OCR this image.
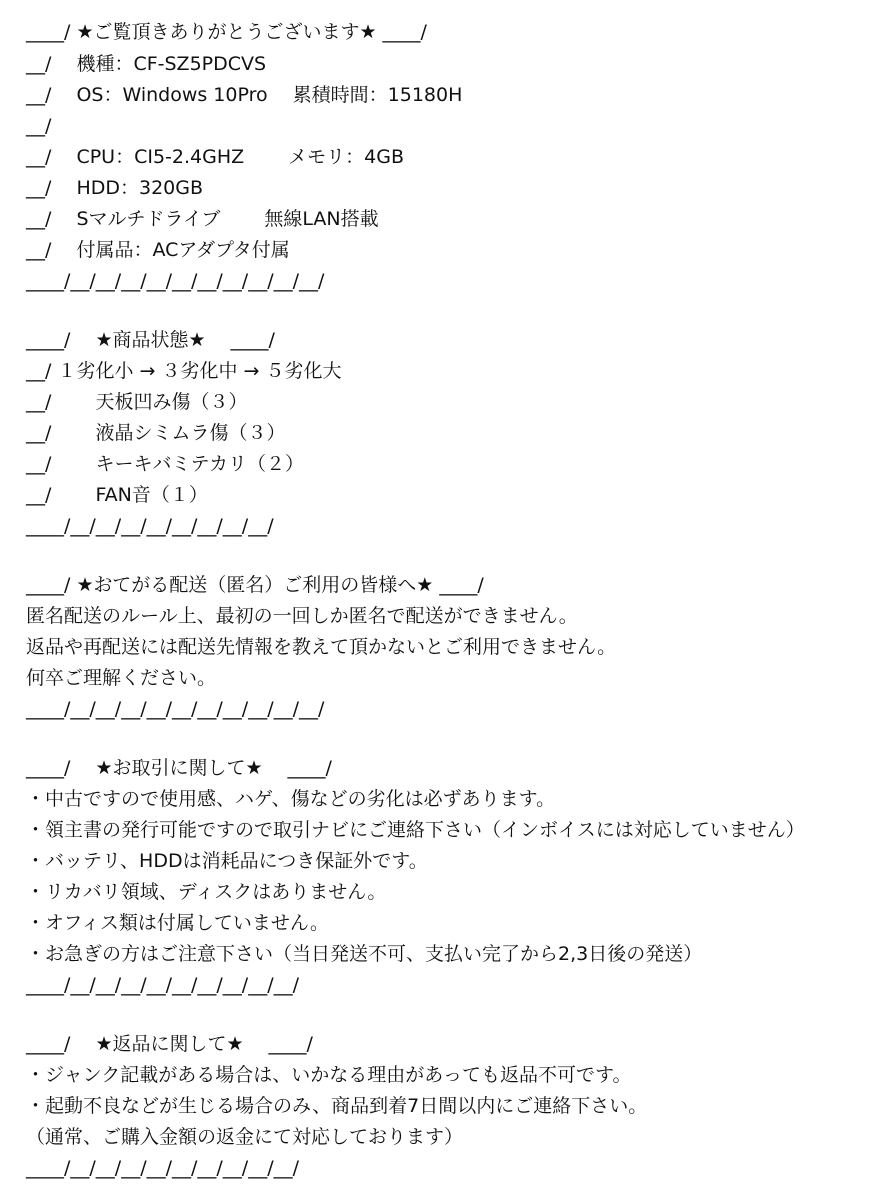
____/ ★ご覧頂きありがとうございます★ ____/
__/　 機種：CF-SZ5PDCVS
__/　 OS：Windows 10Pro　 累積時間：15180H
__/
__/　 CPU：CI5-2.4GHZ　　 メモリ：4GB
__/　 HDD：320GB
__/　 Sマルチドライブ　　 無線LAN搭載
__/　 付属品：ACアダプタ付属
____/__/__/__/__/__/__/__/__/__/__/
____/　 ★商品状態★　 ____/
__/ １劣化小 → ３劣化中 → ５劣化大
__/　　 天板凹み傷（３）
__/　　 液晶シミムラ傷（３）
__/　　 キーキバミテカリ（２）
__/　　 FAN音（１）
____/__/__/__/__/__/__/__/__/
____/ ★おてがる配送（匿名）ご利用の皆様へ★ ____/
匿名配送のルール上、最初の一回しか匿名で配送ができません。
返品や再配送には配送先情報を教えて頂かないとご利用できません。
何卒ご理解ください。
____/__/__/__/__/__/__/__/__/__/__/
____/　 ★お取引に関して★　 ____/
・中古ですので使用感、ハゲ、傷などの劣化は必ずあります。
・領主書の発行可能ですので取引ナビにご連絡下さい（インボイスには対応していません）
・バッテリ、HDDは消耗品につき保証外です。
・リカバリ領域、ディスクはありません。
・オフィス類は付属していません。
・お急ぎの方はご注意下さい（当日発送不可、支払い完了から2,3日後の発送）
____/__/__/__/__/__/__/__/__/__/
____/　 ★返品に関して★　 ____/
・ジャンク記載がある場合は、いかなる理由があっても返品不可です。
・起動不良などが生じる場合のみ、商品到着7日間以内にご連絡下さい。
（通常、ご購入金額の返金にて対応しております）
____/__/__/__/__/__/__/__/__/__/
